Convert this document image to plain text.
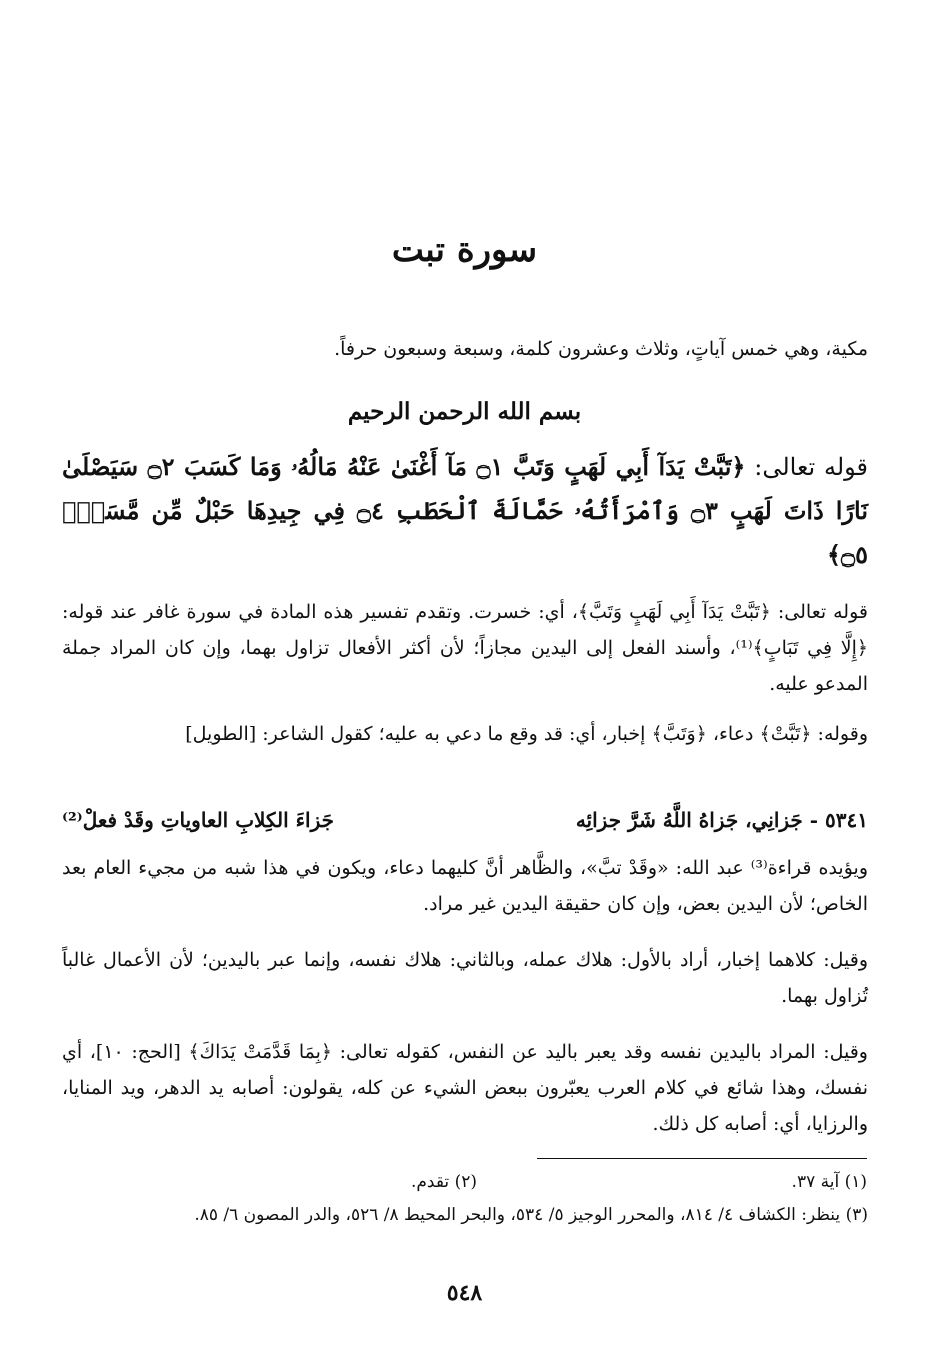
سورة تبت
مكية، وهي خمس آياتٍ، وثلاث وعشرون كلمة، وسبعة وسبعون حرفاً.
بسم الله الرحمن الرحيم
قوله تعالى: ﴿تَبَّتْ يَدَآ أَبِي لَهَبٍ وَتَبَّ ۝١ مَآ أَغْنَىٰ عَنْهُ مَالُهُۥ وَمَا كَسَبَ ۝٢ سَيَصْلَىٰ نَارًا ذَاتَ لَهَبٍ ۝٣ وَٱمْرَأَتُهُۥ حَمَّالَةَ ٱلْحَطَبِ ۝٤ فِي جِيدِهَا حَبْلٌ مِّن مَّسَدٍۭ ۝٥﴾
قوله تعالى: ﴿تَبَّتْ يَدَآ أَبِي لَهَبٍ وَتَبَّ﴾، أي: خسرت. وتقدم تفسير هذه المادة في سورة غافر عند قوله: ﴿إِلَّا فِي تَبَابٍ﴾⁽¹⁾، وأسند الفعل إلى اليدين مجازاً؛ لأن أكثر الأفعال تزاول بهما، وإن كان المراد جملة المدعو عليه.
وقوله: ﴿تَبَّتْ﴾ دعاء، ﴿وَتَبَّ﴾ إخبار، أي: قد وقع ما دعي به عليه؛ كقول الشاعر: [الطويل]
٥٣٤١ - جَزانِي، جَزاهُ اللَّهُ شَرَّ جزائِه
جَزاءَ الكِلابِ العاوياتِ وقَدْ فعلْ⁽²⁾
ويؤيده قراءة⁽³⁾ عبد الله: «وقَدْ تبَّ»، والظَّاهر أنَّ كليهما دعاء، ويكون في هذا شبه من مجيء العام بعد الخاص؛ لأن اليدين بعض، وإن كان حقيقة اليدين غير مراد.
وقيل: كلاهما إخبار، أراد بالأول: هلاك عمله، وبالثاني: هلاك نفسه، وإنما عبر باليدين؛ لأن الأعمال غالباً تُزاول بهما.
وقيل: المراد باليدين نفسه وقد يعبر باليد عن النفس، كقوله تعالى: ﴿بِمَا قَدَّمَتْ يَدَاكَ﴾ [الحج: ١٠]، أي نفسك، وهذا شائع في كلام العرب يعبّرون ببعض الشيء عن كله، يقولون: أصابه يد الدهر، ويد المنايا، والرزايا، أي: أصابه كل ذلك.
(١) آية ٣٧.
(٢) تقدم.
(٣) ينظر: الكشاف ٤/ ٨١٤، والمحرر الوجيز ٥/ ٥٣٤، والبحر المحيط ٨/ ٥٢٦، والدر المصون ٦/ ٨٥.
٥٤٨
